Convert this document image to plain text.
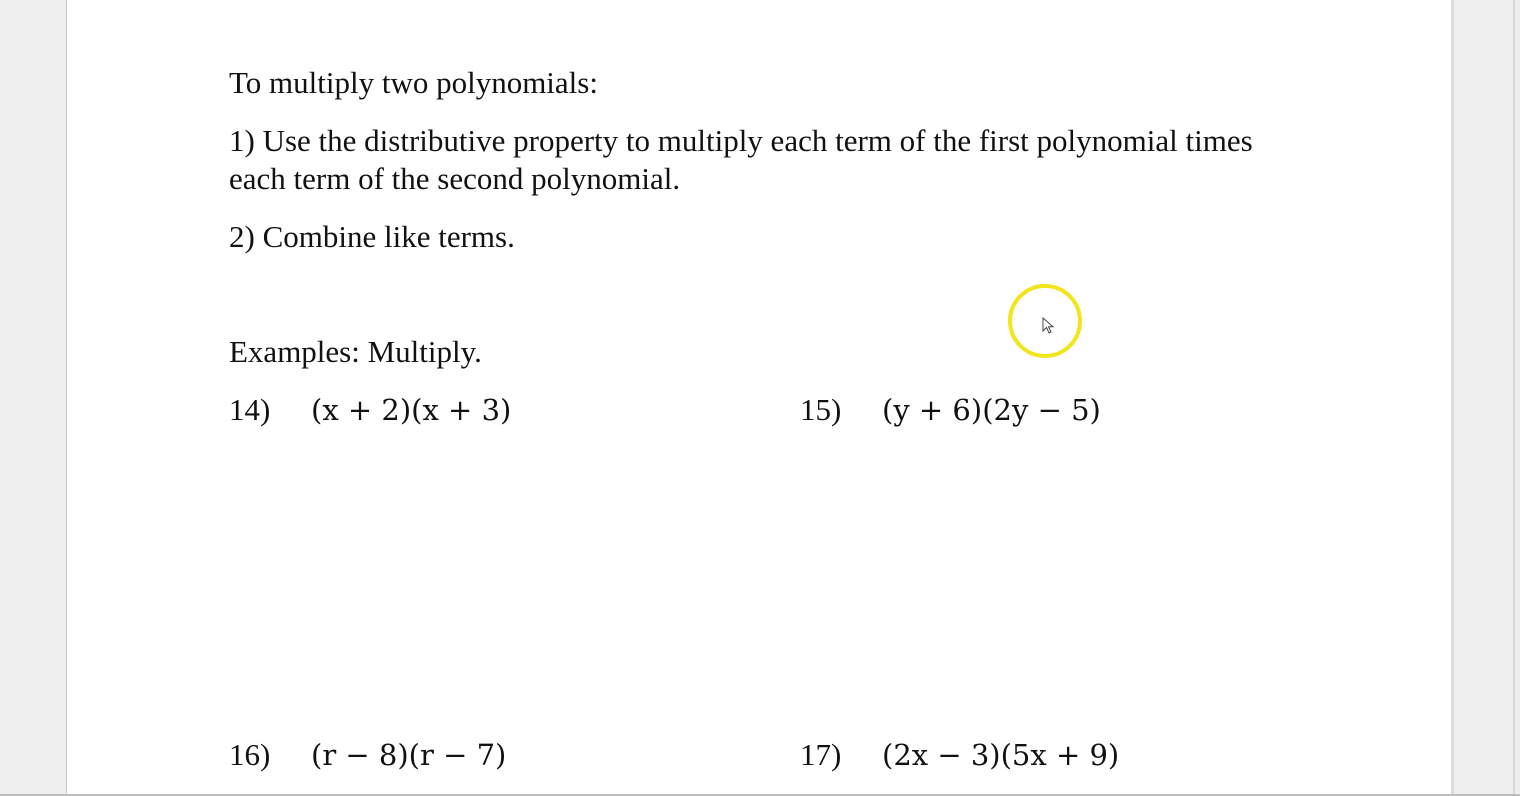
To multiply two polynomials:
1) Use the distributive property to multiply each term of the first polynomial times each term of the second polynomial.
2) Combine like terms.
Examples: Multiply.
14) (x + 2)(x + 3)	15) (y + 6)(2y − 5)
16) (r − 8)(r − 7)	17) (2x − 3)(5x + 9)
